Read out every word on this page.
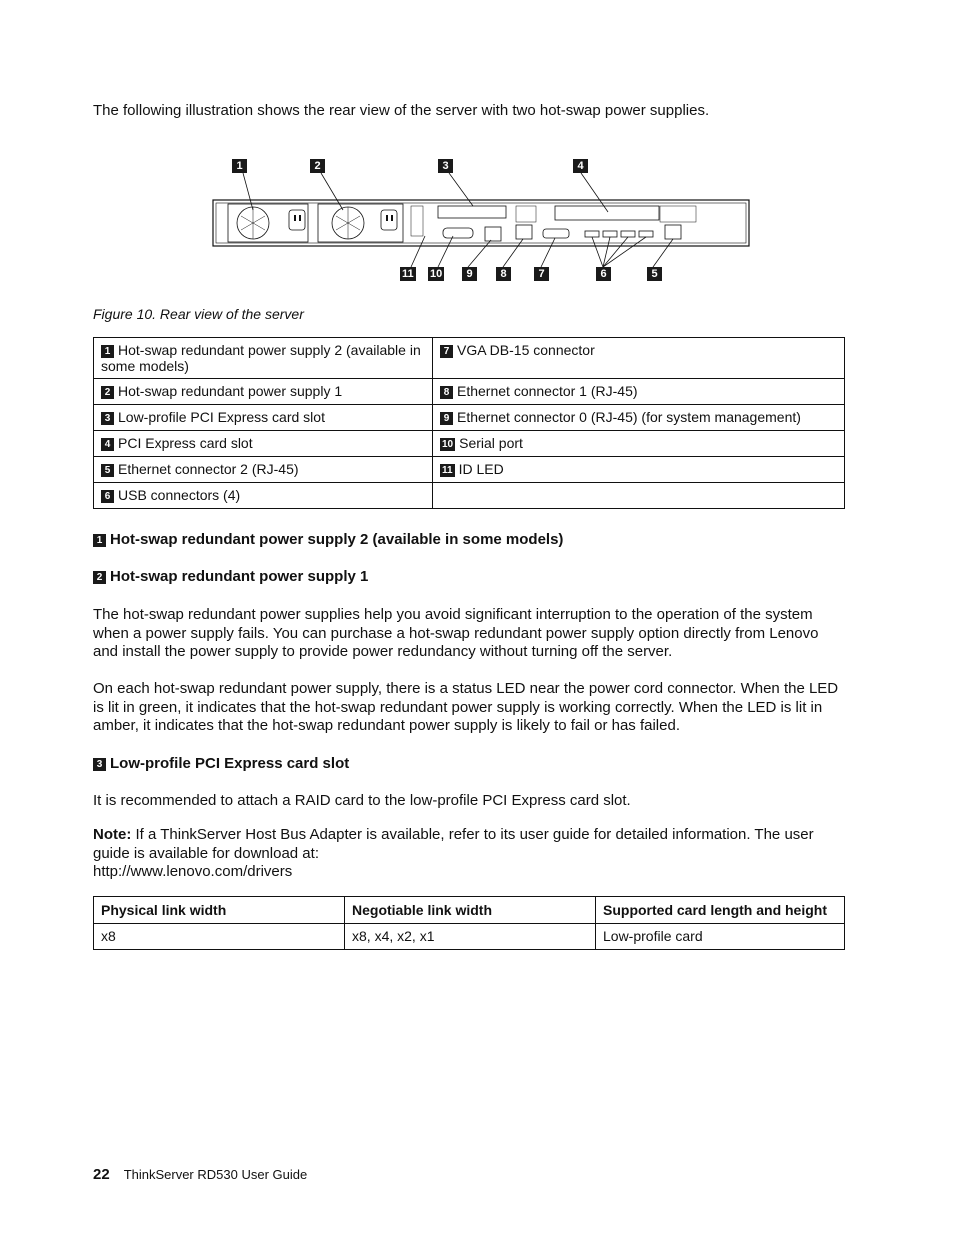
The following illustration shows the rear view of the server with two hot-swap power supplies.

1	2	3	4
11 10	9	8	7	6	5

Figure 10. Rear view of the server

1 Hot-swap redundant power supply 2 (available in some models)	7 VGA DB-15 connector
2 Hot-swap redundant power supply 1	8 Ethernet connector 1 (RJ-45)
3 Low-profile PCI Express card slot	9 Ethernet connector 0 (RJ-45) (for system management)
4 PCI Express card slot	10 Serial port
5 Ethernet connector 2 (RJ-45)	11 ID LED
6 USB connectors (4)	

1 Hot-swap redundant power supply 2 (available in some models)

2 Hot-swap redundant power supply 1

The hot-swap redundant power supplies help you avoid significant interruption to the operation of the system when a power supply fails. You can purchase a hot-swap redundant power supply option directly from Lenovo and install the power supply to provide power redundancy without turning off the server.

On each hot-swap redundant power supply, there is a status LED near the power cord connector. When the LED is lit in green, it indicates that the hot-swap redundant power supply is working correctly. When the LED is lit in amber, it indicates that the hot-swap redundant power supply is likely to fail or has failed.

3 Low-profile PCI Express card slot

It is recommended to attach a RAID card to the low-profile PCI Express card slot.

Note: If a ThinkServer Host Bus Adapter is available, refer to its user guide for detailed information. The user guide is available for download at:
http://www.lenovo.com/drivers

Physical link width	Negotiable link width	Supported card length and height
x8	x8, x4, x2, x1	Low-profile card
22 ThinkServer RD530 User Guide
